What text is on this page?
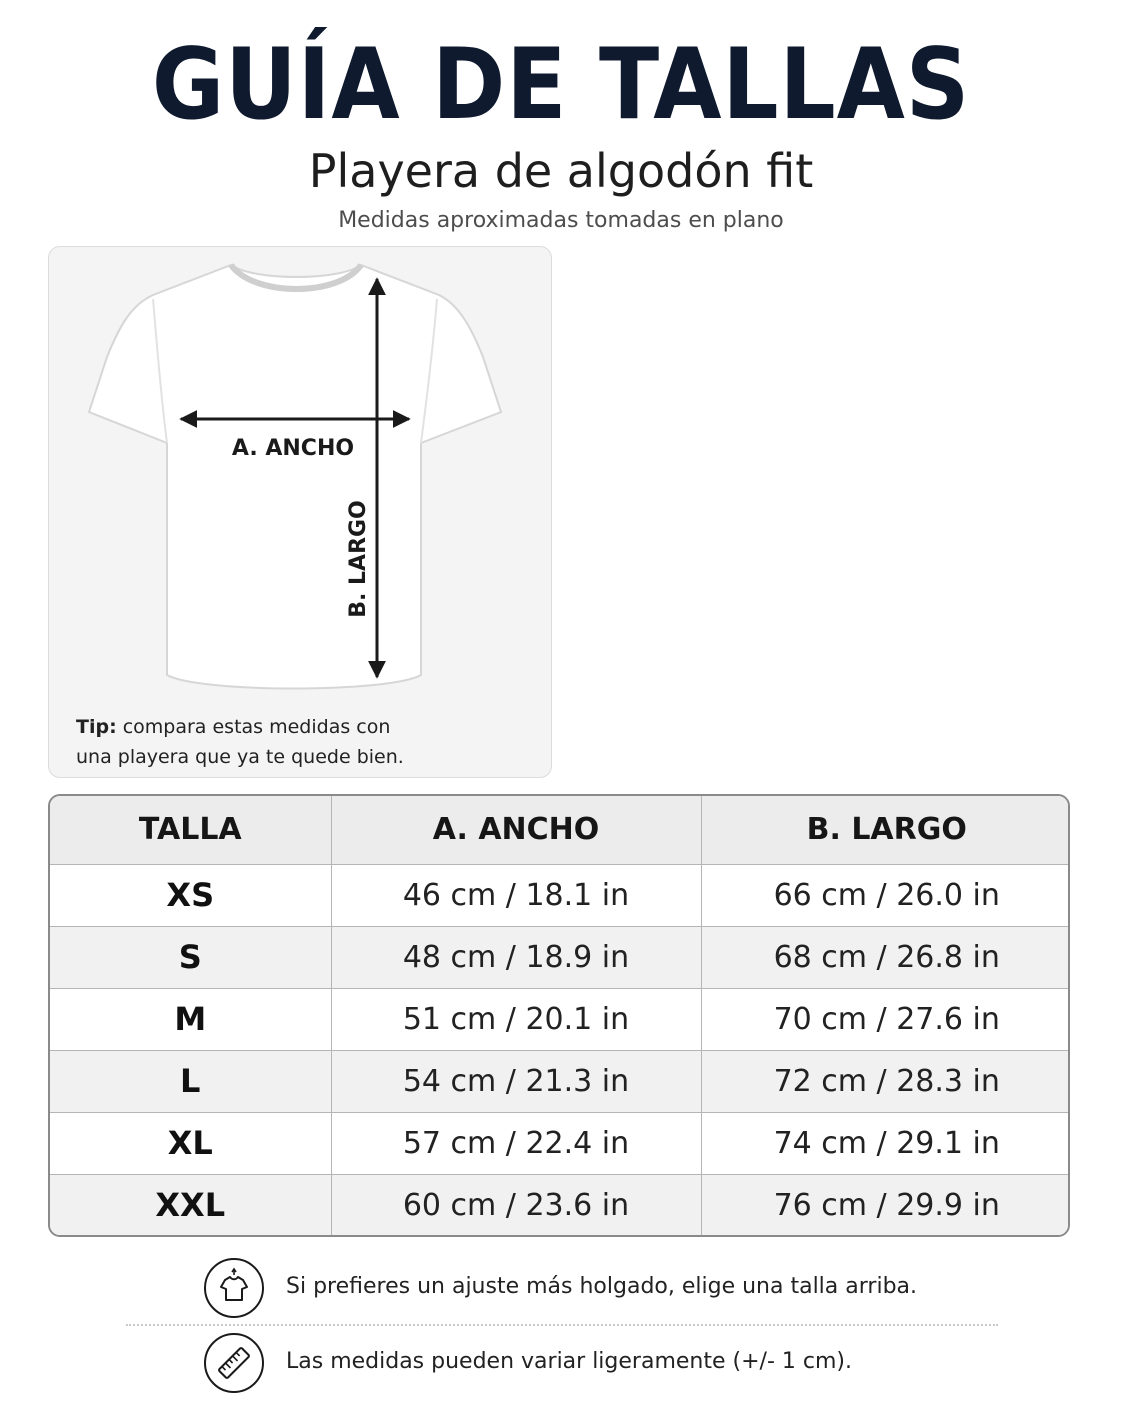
GUÍA DE TALLAS
Playera de algodón fit
Medidas aproximadas tomadas en plano
A. ANCHO
B. LARGO
Tip: compara estas medidas con
una playera que ya te quede bien.
TALLA	A. ANCHO	B. LARGO
XS	46 cm / 18.1 in	66 cm / 26.0 in
S	48 cm / 18.9 in	68 cm / 26.8 in
M	51 cm / 20.1 in	70 cm / 27.6 in
L	54 cm / 21.3 in	72 cm / 28.3 in
XL	57 cm / 22.4 in	74 cm / 29.1 in
XXL	60 cm / 23.6 in	76 cm / 29.9 in
Si prefieres un ajuste más holgado, elige una talla arriba.
Las medidas pueden variar ligeramente (+/- 1 cm).
